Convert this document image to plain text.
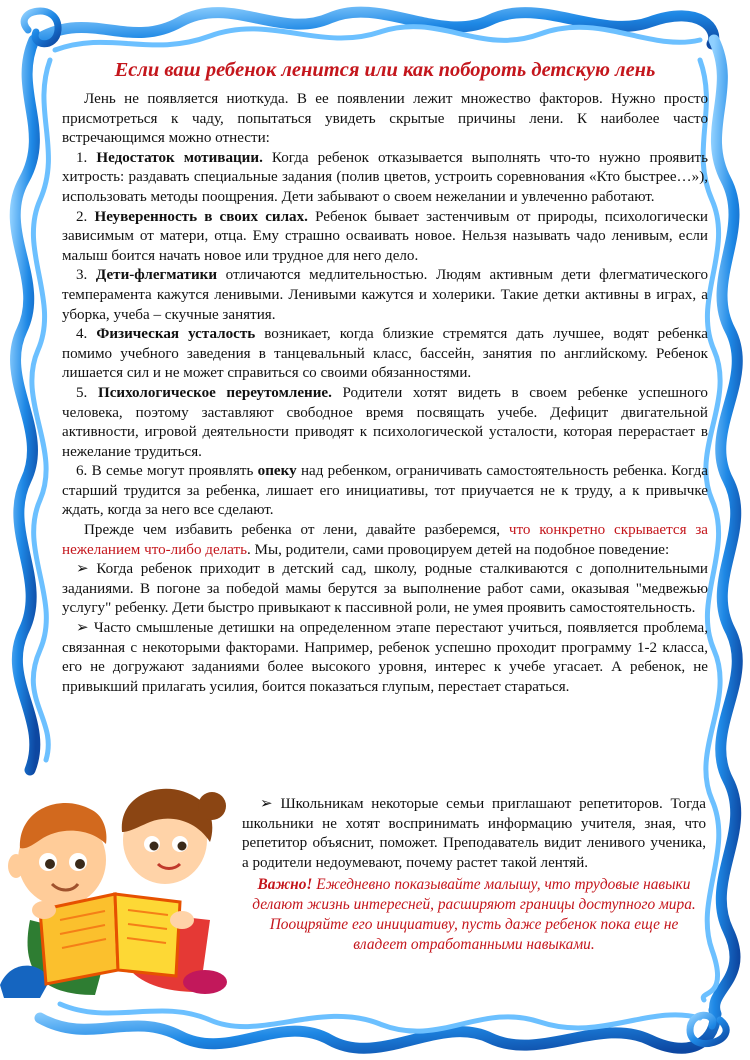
Если ваш ребенок ленится или как побороть детскую лень

Лень не появляется ниоткуда. В ее появлении лежит множество факторов. Нужно просто присмотреться к чаду, попытаться увидеть скрытые причины лени. К наиболее часто встречающимся можно отнести:

1. Недостаток мотивации. Когда ребенок отказывается выполнять что-то нужно проявить хитрость: раздавать специальные задания (полив цветов, устроить соревнования «Кто быстрее…»), использовать методы поощрения. Дети забывают о своем нежелании и увлеченно работают.

2. Неуверенность в своих силах. Ребенок бывает застенчивым от природы, психологически зависимым от матери, отца. Ему страшно осваивать новое. Нельзя называть чадо ленивым, если малыш боится начать новое или трудное для него дело.

3. Дети-флегматики отличаются медлительностью. Людям активным дети флегматического темперамента кажутся ленивыми. Ленивыми кажутся и холерики. Такие детки активны в играх, а уборка, учеба – скучные занятия.

4. Физическая усталость возникает, когда близкие стремятся дать лучшее, водят ребенка помимо учебного заведения в танцевальный класс, бассейн, занятия по английскому. Ребенок лишается сил и не может справиться со своими обязанностями.

5. Психологическое переутомление. Родители хотят видеть в своем ребенке успешного человека, поэтому заставляют свободное время посвящать учебе. Дефицит двигательной активности, игровой деятельности приводят к психологической усталости, которая перерастает в нежелание трудиться.

6. В семье могут проявлять опеку над ребенком, ограничивать самостоятельность ребенка. Когда старший трудится за ребенка, лишает его инициативы, тот приучается не к труду, а к привычке ждать, когда за него все сделают.

Прежде чем избавить ребенка от лени, давайте разберемся, что конкретно скрывается за нежеланием что-либо делать. Мы, родители, сами провоцируем детей на подобное поведение:

➢ Когда ребенок приходит в детский сад, школу, родные сталкиваются с дополнительными заданиями. В погоне за победой мамы берутся за выполнение работ сами, оказывая "медвежью услугу" ребенку. Дети быстро привыкают к пассивной роли, не умея проявить самостоятельность.

➢ Часто смышленые детишки на определенном этапе перестают учиться, появляется проблема, связанная с некоторыми факторами. Например, ребенок успешно проходит программу 1-2 класса, его не догружают заданиями более высокого уровня, интерес к учебе угасает. А ребенок, не привыкший прилагать усилия, боится показаться глупым, перестает стараться.

➢ Школьникам некоторые семьи приглашают репетиторов. Тогда школьники не хотят воспринимать информацию учителя, зная, что репетитор объяснит, поможет. Преподаватель видит ленивого ученика, а родители недоумевают, почему растет такой лентяй.

Важно! Ежедневно показывайте малышу, что трудовые навыки делают жизнь интересней, расширяют границы доступного мира. Поощряйте его инициативу, пусть даже ребенок пока еще не владеет отработанными навыками.
